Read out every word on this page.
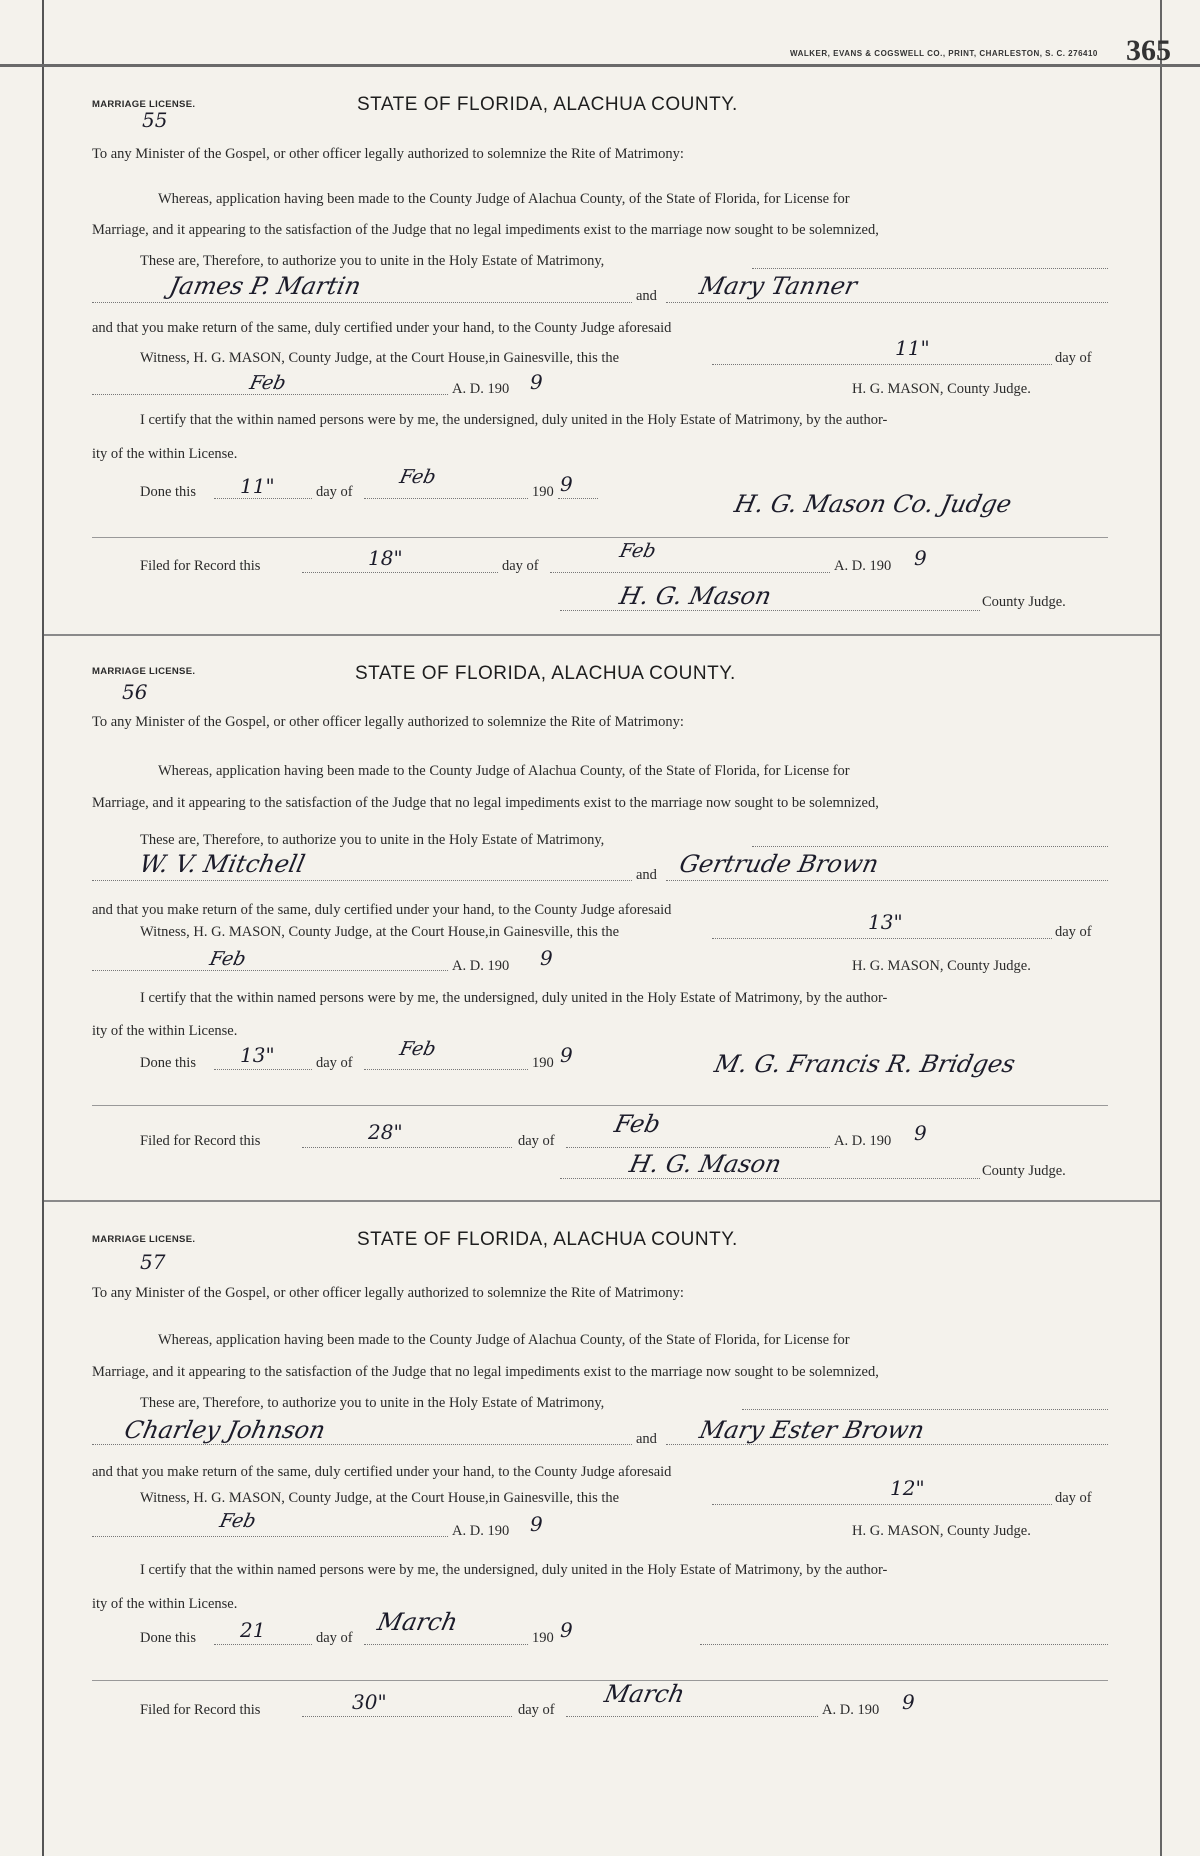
WALKER, EVANS & COGSWELL CO., PRINT, CHARLESTON, S. C. 276410 365
MARRIAGE LICENSE.
55
STATE OF FLORIDA, ALACHUA COUNTY.
To any Minister of the Gospel, or other officer legally authorized to solemnize the Rite of Matrimony:
Whereas, application having been made to the County Judge of Alachua County, of the State of Florida, for License for
Marriage, and it appearing to the satisfaction of the Judge that no legal impediments exist to the marriage now sought to be solemnized,
These are, Therefore, to authorize you to unite in the Holy Estate of Matrimony,
James P. Martin	and Mary Tanner
and that you make return of the same, duly certified under your hand, to the County Judge aforesaid
Witness, H. G. MASON, County Judge, at the Court House,in Gainesville, this the	11"	day of
Feb	A. D. 190 9	H. G. MASON, County Judge.
I certify that the within named persons were by me, the undersigned, duly united in the Holy Estate of Matrimony, by the author-
ity of the within License.
Done this 11"	day of
Feb
190 9
H. G. Mason Co. Judge
Filed for Record this	18"	day of
Feb
A. D. 190 9
H. G. Mason	County Judge.
MARRIAGE LICENSE.
56
STATE OF FLORIDA, ALACHUA COUNTY.
To any Minister of the Gospel, or other officer legally authorized to solemnize the Rite of Matrimony:
Whereas, application having been made to the County Judge of Alachua County, of the State of Florida, for License for
Marriage, and it appearing to the satisfaction of the Judge that no legal impediments exist to the marriage now sought to be solemnized,
These are, Therefore, to authorize you to unite in the Holy Estate of Matrimony,
W. V. Mitchell	and Gertrude Brown
and that you make return of the same, duly certified under your hand, to the County Judge aforesaid
Witness, H. G. MASON, County Judge, at the Court House,in Gainesville, this the	13"	day of
Feb	A. D. 190 9	H. G. MASON, County Judge.
I certify that the within named persons were by me, the undersigned, duly united in the Holy Estate of Matrimony, by the author-
ity of the within License.
Done this 13"	day of
Feb
190 9	M. G. Francis R. Bridges
Filed for Record this	28"	day of
Feb
A. D. 190 9
H. G. Mason	County Judge.
MARRIAGE LICENSE.
57
STATE OF FLORIDA, ALACHUA COUNTY.
To any Minister of the Gospel, or other officer legally authorized to solemnize the Rite of Matrimony:
Whereas, application having been made to the County Judge of Alachua County, of the State of Florida, for License for
Marriage, and it appearing to the satisfaction of the Judge that no legal impediments exist to the marriage now sought to be solemnized,
These are, Therefore, to authorize you to unite in the Holy Estate of Matrimony,
Charley Johnson	and Mary Ester Brown
and that you make return of the same, duly certified under your hand, to the County Judge aforesaid
Witness, H. G. MASON, County Judge, at the Court House,in Gainesville, this the	12"	day of
Feb	A. D. 190 9	H. G. MASON, County Judge.
I certify that the within named persons were by me, the undersigned, duly united in the Holy Estate of Matrimony, by the author-
ity of the within License.
Done this 21	day of
March
190 9
Filed for Record this	30"	day of
March
A. D. 190 9
